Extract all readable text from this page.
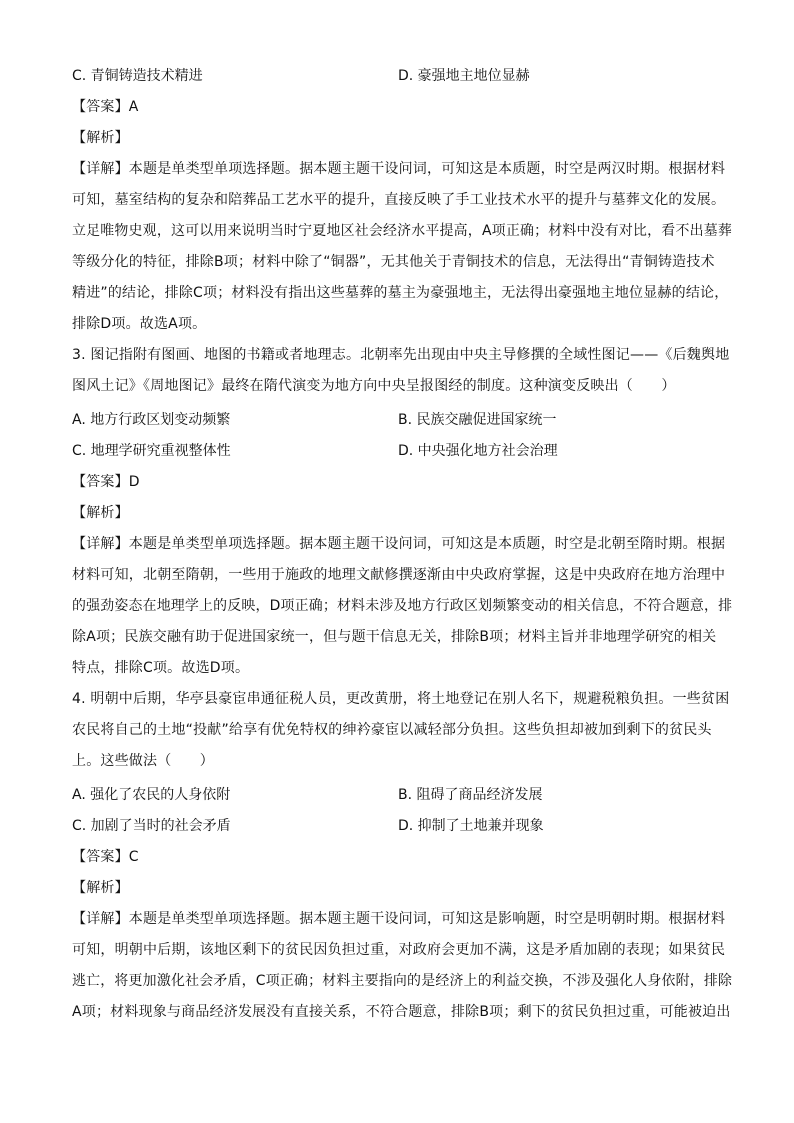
C. 青铜铸造技术精进	D. 豪强地主地位显赫
【答案】A
【解析】
【详解】本题是单类型单项选择题。据本题主题干设问词，可知这是本质题，时空是两汉时期。根据材料
可知，墓室结构的复杂和陪葬品工艺水平的提升，直接反映了手工业技术水平的提升与墓葬文化的发展。
立足唯物史观，这可以用来说明当时宁夏地区社会经济水平提高，A项正确；材料中没有对比，看不出墓葬
等级分化的特征，排除B项；材料中除了“铜器”，无其他关于青铜技术的信息，无法得出“青铜铸造技术
精进”的结论，排除C项；材料没有指出这些墓葬的墓主为豪强地主，无法得出豪强地主地位显赫的结论，
排除D项。故选A项。
3. 图记指附有图画、地图的书籍或者地理志。北朝率先出现由中央主导修撰的全域性图记——《后魏舆地
图风土记》《周地图记》最终在隋代演变为地方向中央呈报图经的制度。这种演变反映出（　　）
A. 地方行政区划变动频繁	B. 民族交融促进国家统一
C. 地理学研究重视整体性	D. 中央强化地方社会治理
【答案】D
【解析】
【详解】本题是单类型单项选择题。据本题主题干设问词，可知这是本质题，时空是北朝至隋时期。根据
材料可知，北朝至隋朝，一些用于施政的地理文献修撰逐渐由中央政府掌握，这是中央政府在地方治理中
的强劲姿态在地理学上的反映，D项正确；材料未涉及地方行政区划频繁变动的相关信息，不符合题意，排
除A项；民族交融有助于促进国家统一，但与题干信息无关，排除B项；材料主旨并非地理学研究的相关
特点，排除C项。故选D项。
4. 明朝中后期，华亭县豪宦串通征税人员，更改黄册，将土地登记在别人名下，规避税粮负担。一些贫困
农民将自己的土地“投献”给享有优免特权的绅衿豪宦以减轻部分负担。这些负担却被加到剩下的贫民头
上。这些做法（　　）
A. 强化了农民的人身依附	B. 阻碍了商品经济发展
C. 加剧了当时的社会矛盾	D. 抑制了土地兼并现象
【答案】C
【解析】
【详解】本题是单类型单项选择题。据本题主题干设问词，可知这是影响题，时空是明朝时期。根据材料
可知，明朝中后期，该地区剩下的贫民因负担过重，对政府会更加不满，这是矛盾加剧的表现；如果贫民
逃亡，将更加激化社会矛盾，C项正确；材料主要指向的是经济上的利益交换，不涉及强化人身依附，排除
A项；材料现象与商品经济发展没有直接关系，不符合题意，排除B项；剩下的贫民负担过重，可能被迫出
